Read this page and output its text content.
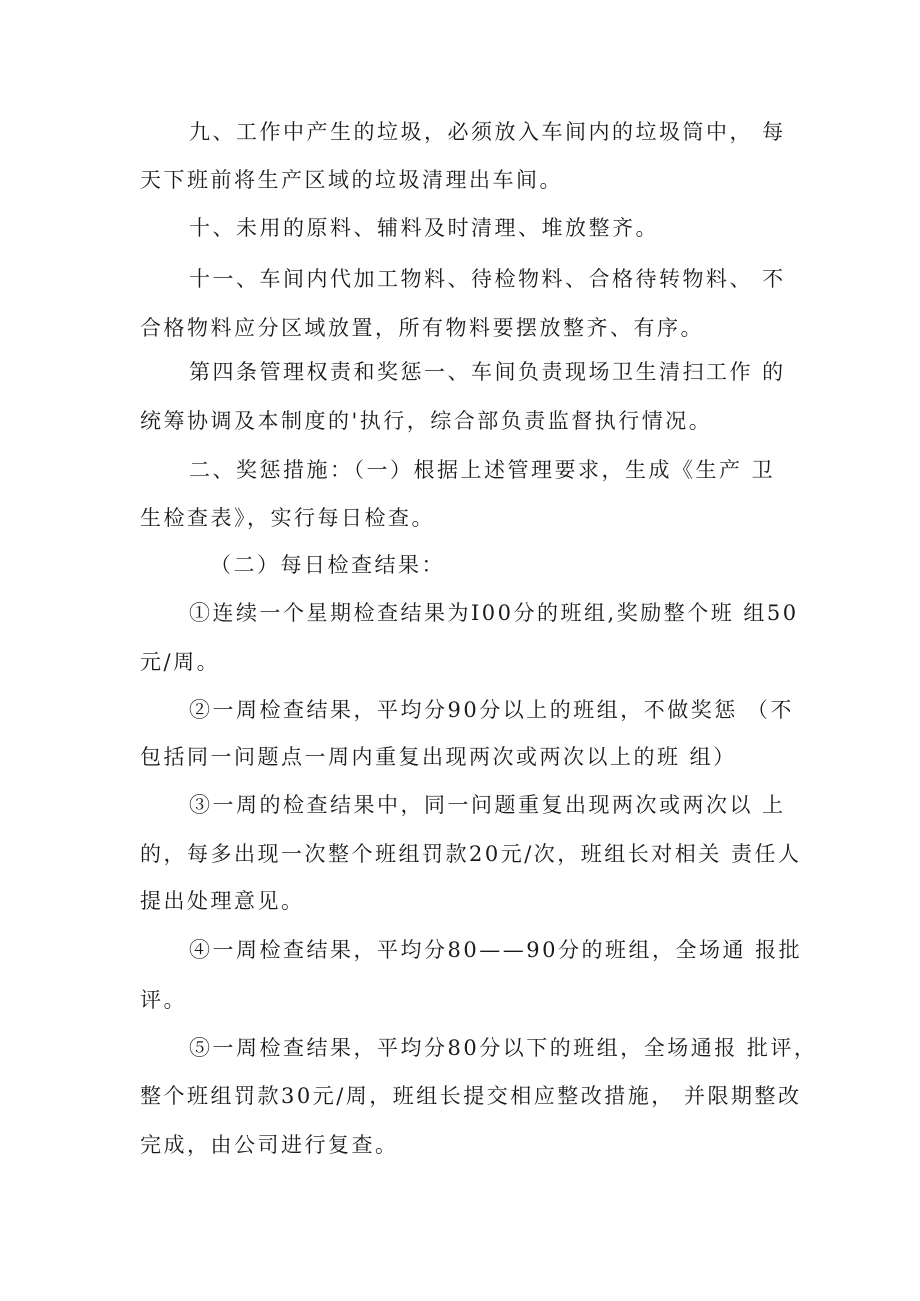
九、工作中产生的垃圾，必须放入车间内的垃圾筒中， 每
天下班前将生产区域的垃圾清理出车间。
十、未用的原料、辅料及时清理、堆放整齐。
十一、车间内代加工物料、待检物料、合格待转物料、 不
合格物料应分区域放置，所有物料要摆放整齐、有序。
第四条管理权责和奖惩一、车间负责现场卫生清扫工作 的
统筹协调及本制度的'执行，综合部负责监督执行情况。
二、奖惩措施：（一）根据上述管理要求，生成《生产 卫
生检查表》，实行每日检查。
（二）每日检查结果：
①连续一个星期检查结果为I00分的班组,奖励整个班 组50
元/周。
②一周检查结果，平均分90分以上的班组，不做奖惩 （不
包括同一问题点一周内重复出现两次或两次以上的班 组）
③一周的检查结果中，同一问题重复出现两次或两次以 上
的，每多出现一次整个班组罚款20元/次，班组长对相关 责任人
提出处理意见。
④一周检查结果，平均分80——90分的班组，全场通 报批
评。
⑤一周检查结果，平均分80分以下的班组，全场通报 批评，
整个班组罚款30元/周，班组长提交相应整改措施， 并限期整改
完成，由公司进行复查。
